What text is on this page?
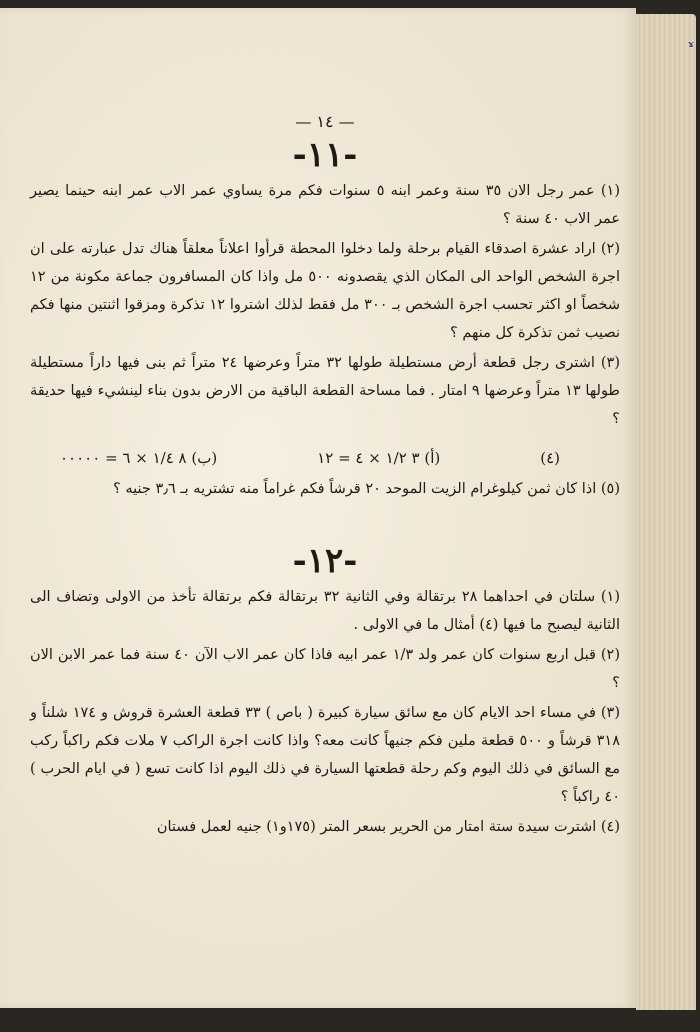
ɤ
— ١٤ —
-١١-

(١) عمر رجل الان ٣٥ سنة وعمر ابنه ٥ سنوات فكم مرة يساوي عمر الاب عمر ابنه حينما يصير عمر الاب ٤٠ سنة ؟

(٢) اراد عشرة اصدقاء القيام برحلة ولما دخلوا المحطة قرأوا اعلاناً معلقاً هناك تدل عبارته على ان اجرة الشخص الواحد الى المكان الذي يقصدونه ٥٠٠ مل واذا كان المسافرون جماعة مكونة من ١٢ شخصاً او اكثر تحسب اجرة الشخص بـ ٣٠٠ مل فقط لذلك اشتروا ١٢ تذكرة ومزقوا اثنتين منها فكم نصيب ثمن تذكرة كل منهم ؟

(٣) اشترى رجل قطعة أرض مستطيلة طولها ٣٢ متراً وعرضها ٢٤ متراً ثم بنى فيها داراً مستطيلة طولها ١٣ متراً وعرضها ٩ امتار . فما مساحة القطعة الباقية من الارض بدون بناء لينشيء فيها حديقة ؟

(٤)
(أ) ٣ ١/٢ × ٤ = ١٢
(ب) ٨ ١/٤ × ٦ = ٠٠٠٠٠

(٥) اذا كان ثمن كيلوغرام الزيت الموحد ٢٠ قرشاً فكم غراماً منه تشتريه بـ ٣٫٦ جنيه ؟

-١٢-

(١) سلتان في احداهما ٢٨ برتقالة وفي الثانية ٣٢ برتقالة فكم برتقالة تأخذ من الاولى وتضاف الى الثانية ليصبح ما فيها (٤) أمثال ما في الاولى .

(٢) قبل اربع سنوات كان عمر ولد ١/٣ عمر ابيه فاذا كان عمر الاب الآن ٤٠ سنة فما عمر الابن الان ؟

(٣) في مساء احد الايام كان مع سائق سيارة كبيرة ( باص ) ٣٣ قطعة العشرة قروش و ١٧٤ شلناً و ٣١٨ قرشاً و ٥٠٠ قطعة ملين فكم جنيهاً كانت معه؟ واذا كانت اجرة الراكب ٧ ملات فكم راكباً ركب مع السائق في ذلك اليوم وكم رحلة قطعتها السيارة في ذلك اليوم اذا كانت تسع ( في ايام الحرب ) ٤٠ راكباً ؟

(٤) اشترت سيدة ستة امتار من الحرير بسعر المتر (١٧٥و١) جنيه لعمل فستان
